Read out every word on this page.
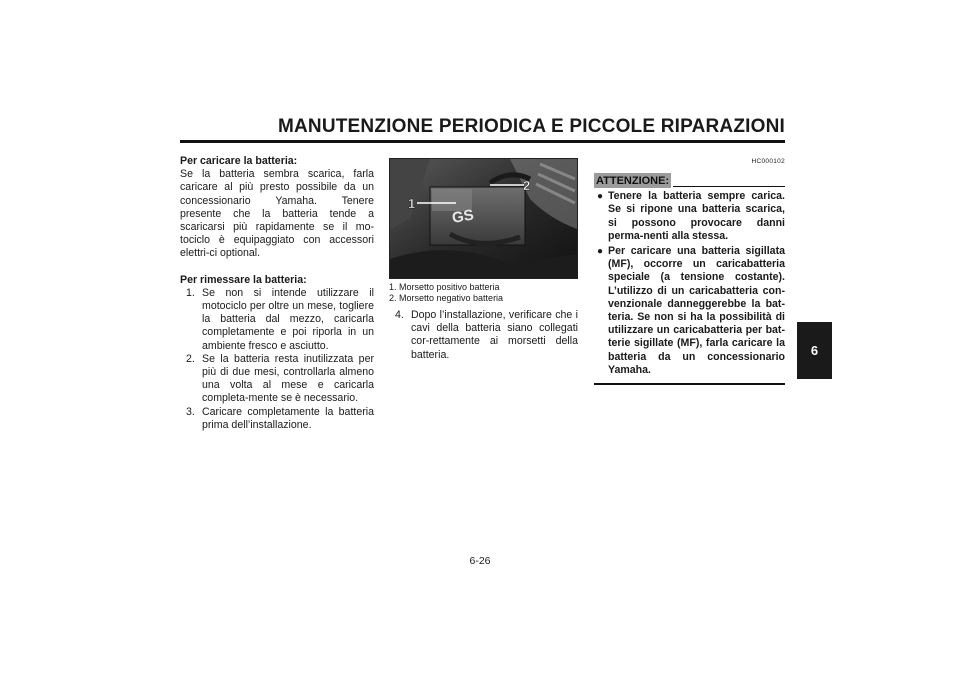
MANUTENZIONE PERIODICA E PICCOLE RIPARAZIONI
6
Per caricare la batteria:
Se la batteria sembra scarica, farla caricare al più presto possibile da un concessionario Yamaha. Tenere presente che la batteria tende a scaricarsi più rapidamente se il mo-tociclo è equipaggiato con accessori elettri-ci optional.
Per rimessare la batteria:
1. Se non si intende utilizzare il motociclo per oltre un mese, togliere la batteria dal mezzo, caricarla completamente e poi riporla in un ambiente fresco e asciutto.
2. Se la batteria resta inutilizzata per più di due mesi, controllarla almeno una volta al mese e caricarla completa-mente se è necessario.
3. Caricare completamente la batteria prima dell’installazione.
GS
1
2
1. Morsetto positivo batteria
2. Morsetto negativo batteria
4. Dopo l’installazione, verificare che i cavi della batteria siano collegati cor-rettamente ai morsetti della batteria.
HC000102
ATTENZIONE:
● Tenere la batteria sempre carica. Se si ripone una batteria scarica, si possono provocare danni perma-nenti alla stessa.
● Per caricare una batteria sigillata (MF), occorre un caricabatteria speciale (a tensione costante). L’utilizzo di un caricabatteria con-venzionale danneggerebbe la bat-teria. Se non si ha la possibilità di utilizzare un caricabatteria per bat-terie sigillate (MF), farla caricare la batteria da un concessionario Yamaha.
6-26
